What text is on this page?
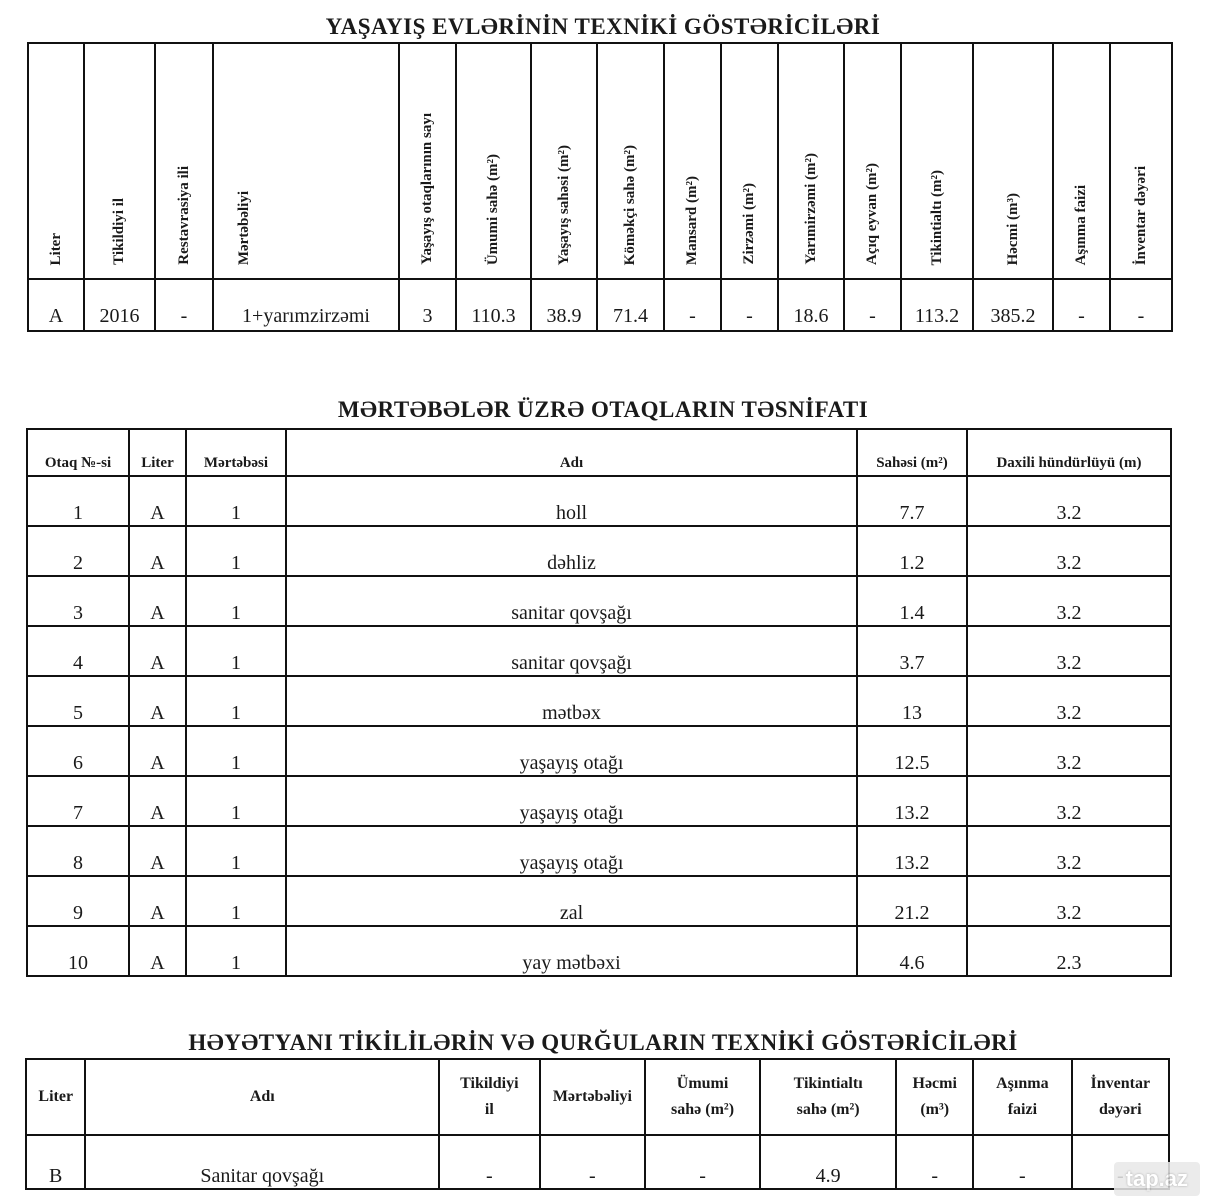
YAŞAYIŞ EVLƏRİNİN TEXNİKİ GÖSTƏRİCİLƏRİ
Liter	Tikildiyi il	Restavrasiya ili	Mərtəbəliyi	Yaşayış otaqlarının sayı	Ümumi sahə (m²)	Yaşayış sahəsi (m²)	Köməkçi sahə (m²)	Mansard (m²)	Zirzəmi (m²)	Yarımirzəmi (m²)	Açıq eyvan (m²)	Tikintialtı (m²)	Həcmi (m³)	Aşınma faizi	İnventar dəyəri
A	2016	-	1+yarımzirzəmi	3	110.3	38.9	71.4	-	-	18.6	-	113.2	385.2	-	-
MƏRTƏBƏLƏR ÜZRƏ OTAQLARIN TƏSNİFATI
Otaq №-si	Liter	Mərtəbəsi	Adı	Sahəsi (m²)	Daxili hündürlüyü (m)
1	A	1	holl	7.7	3.2
2	A	1	dəhliz	1.2	3.2
3	A	1	sanitar qovşağı	1.4	3.2
4	A	1	sanitar qovşağı	3.7	3.2
5	A	1	mətbəx	13	3.2
6	A	1	yaşayış otağı	12.5	3.2
7	A	1	yaşayış otağı	13.2	3.2
8	A	1	yaşayış otağı	13.2	3.2
9	A	1	zal	21.2	3.2
10	A	1	yay mətbəxi	4.6	2.3
HƏYƏTYANI TİKİLİLƏRİN VƏ QURĞULARIN TEXNİKİ GÖSTƏRİCİLƏRİ
Liter	Adı	Tikildiyi il	Mərtəbəliyi	Ümumi sahə (m²)	Tikintialtı sahə (m²)	Həcmi (m³)	Aşınma faizi	İnventar dəyəri
B	Sanitar qovşağı	-	-	-	4.9	-	-		tap.az
